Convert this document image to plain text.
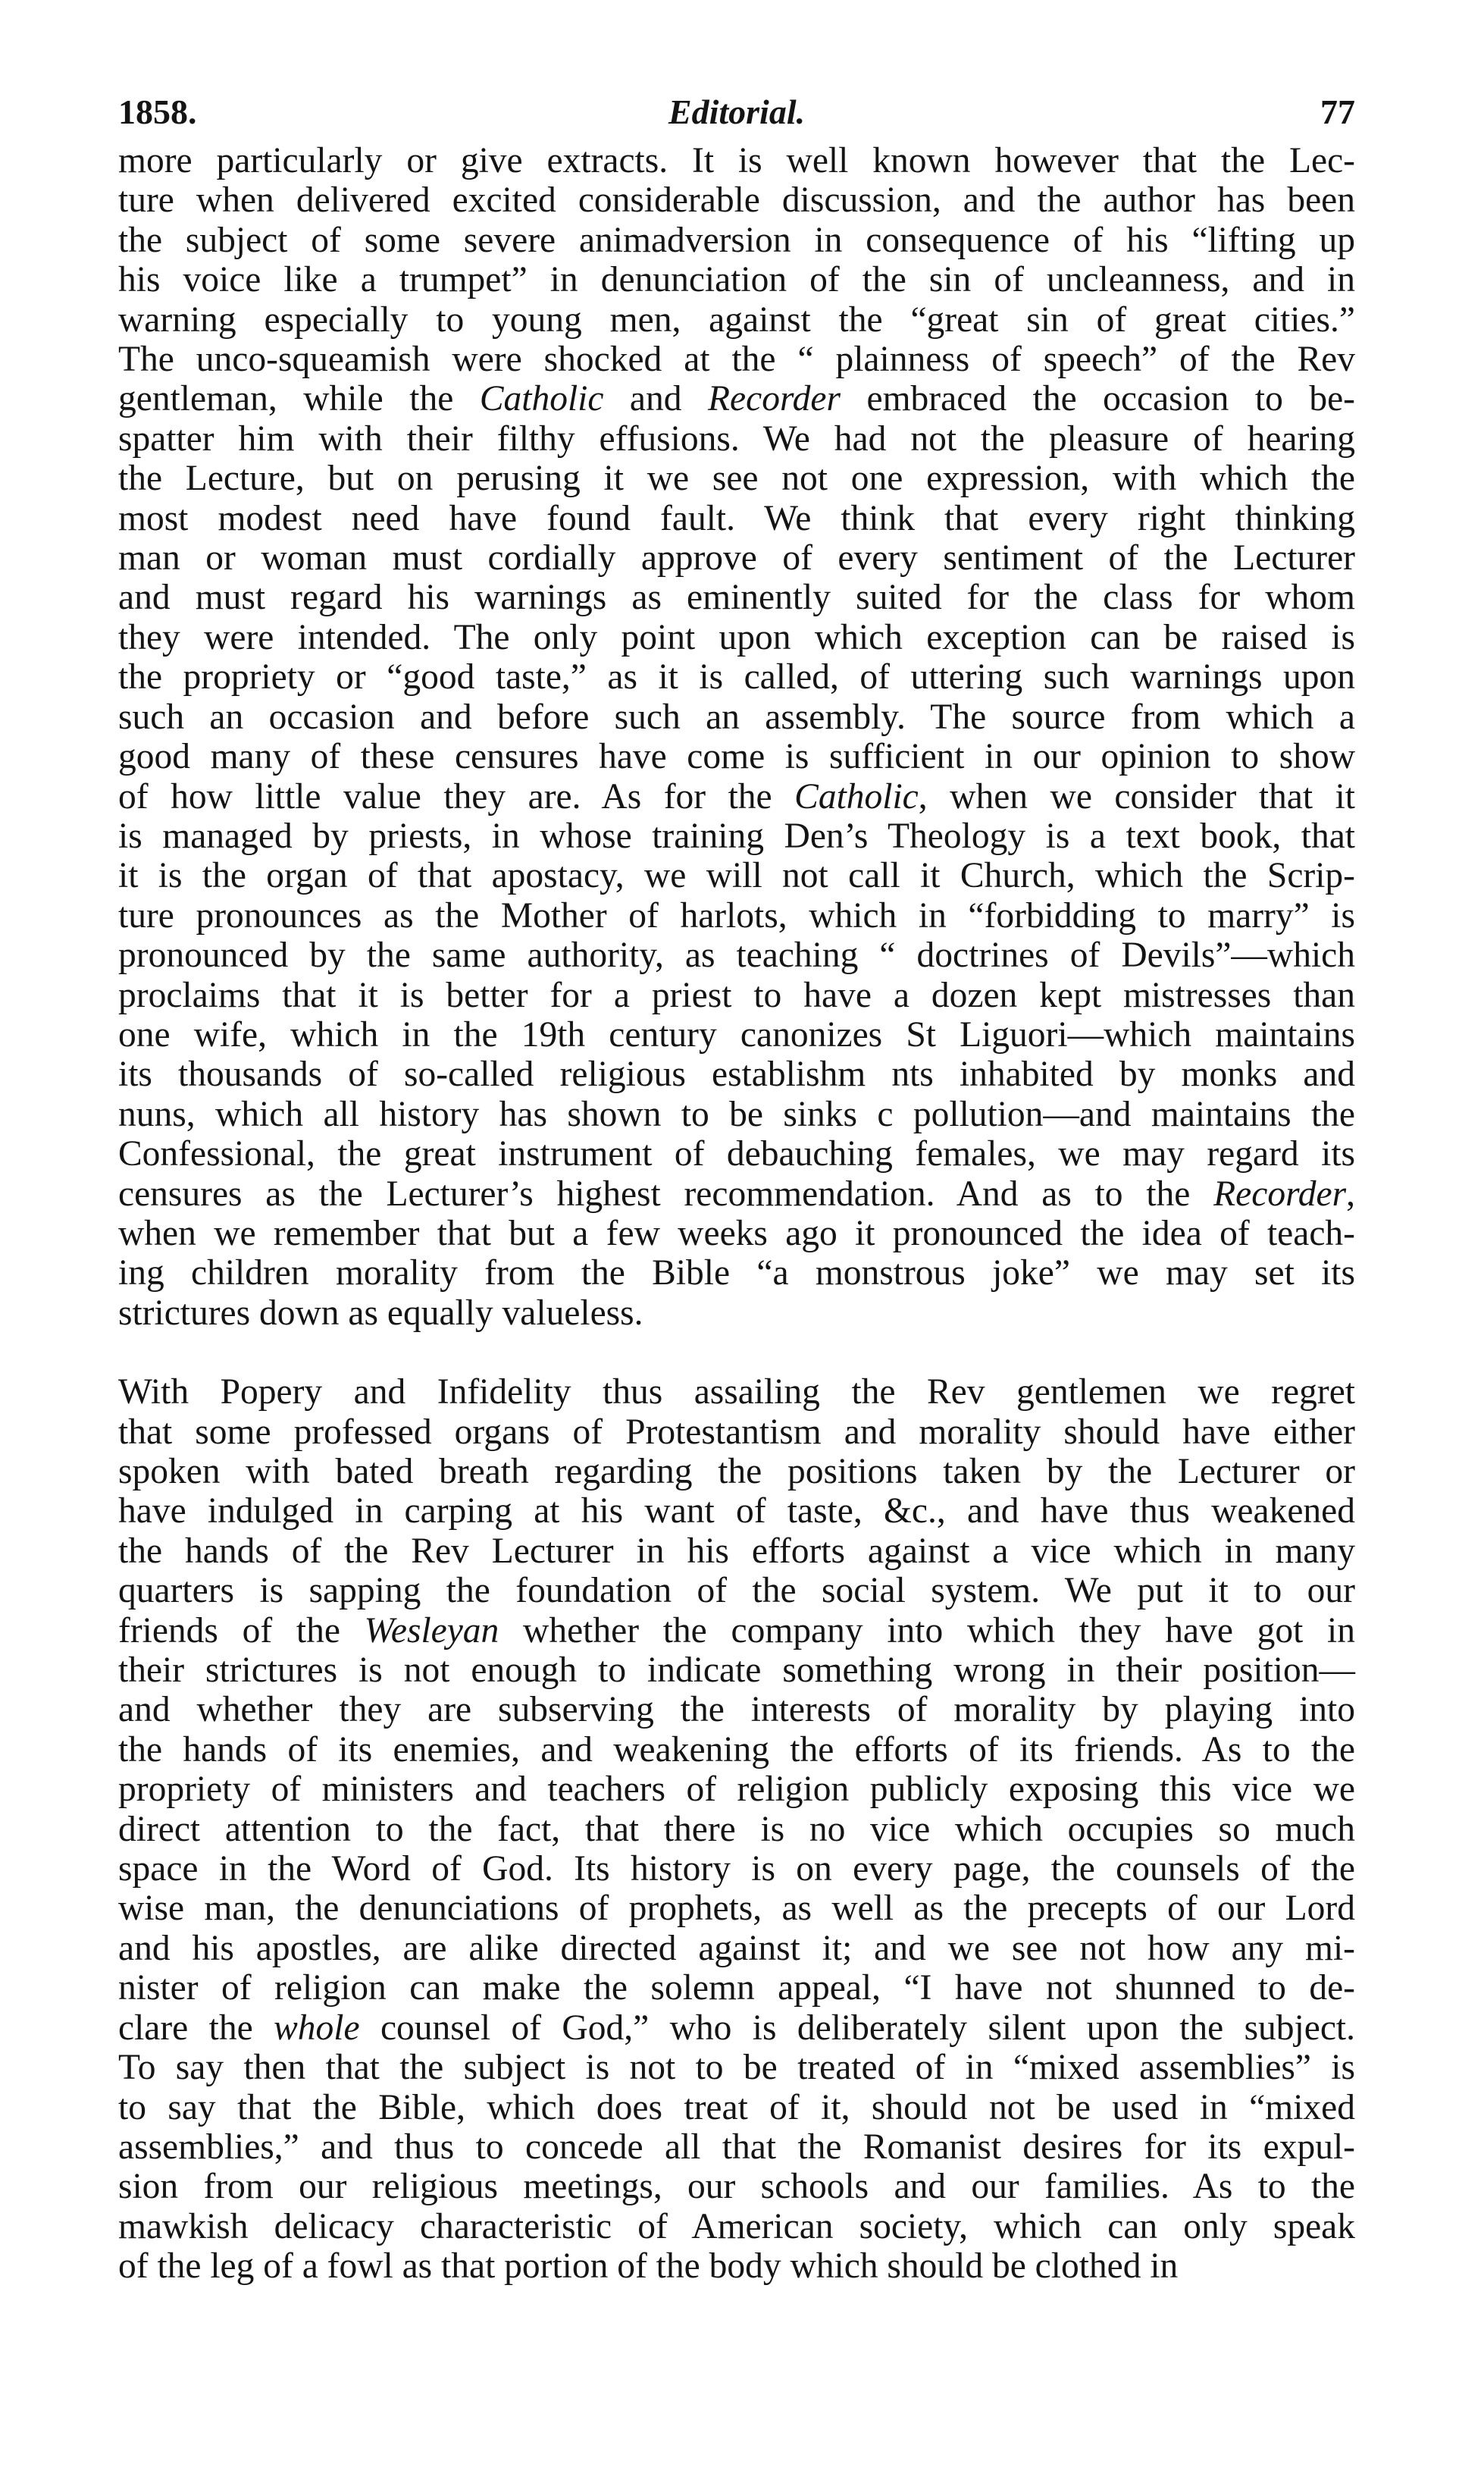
1858.	Editorial.	77
more particularly or give extracts. It is well known however that the Lec-
ture when delivered excited considerable discussion, and the author has been
the subject of some severe animadversion in consequence of his “lifting up
his voice like a trumpet” in denunciation of the sin of uncleanness, and in
warning especially to young men, against the “great sin of great cities.”
The unco-squeamish were shocked at the “ plainness of speech” of the Rev
gentleman, while the Catholic and Recorder embraced the occasion to be-
spatter him with their filthy effusions. We had not the pleasure of hearing
the Lecture, but on perusing it we see not one expression, with which the
most modest need have found fault. We think that every right thinking
man or woman must cordially approve of every sentiment of the Lecturer
and must regard his warnings as eminently suited for the class for whom
they were intended. The only point upon which exception can be raised is
the propriety or “good taste,” as it is called, of uttering such warnings upon
such an occasion and before such an assembly. The source from which a
good many of these censures have come is sufficient in our opinion to show
of how little value they are. As for the Catholic, when we consider that it
is managed by priests, in whose training Den’s Theology is a text book, that
it is the organ of that apostacy, we will not call it Church, which the Scrip-
ture pronounces as the Mother of harlots, which in “forbidding to marry” is
pronounced by the same authority, as teaching “ doctrines of Devils”—which
proclaims that it is better for a priest to have a dozen kept mistresses than
one wife, which in the 19th century canonizes St Liguori—which maintains
its thousands of so-called religious establishm nts inhabited by monks and
nuns, which all history has shown to be sinks c pollution—and maintains the
Confessional, the great instrument of debauching females, we may regard its
censures as the Lecturer’s highest recommendation. And as to the Recorder,
when we remember that but a few weeks ago it pronounced the idea of teach-
ing children morality from the Bible “a monstrous joke” we may set its
strictures down as equally valueless.
With Popery and Infidelity thus assailing the Rev gentlemen we regret
that some professed organs of Protestantism and morality should have either
spoken with bated breath regarding the positions taken by the Lecturer or
have indulged in carping at his want of taste, &c., and have thus weakened
the hands of the Rev Lecturer in his efforts against a vice which in many
quarters is sapping the foundation of the social system. We put it to our
friends of the Wesleyan whether the company into which they have got in
their strictures is not enough to indicate something wrong in their position—
and whether they are subserving the interests of morality by playing into
the hands of its enemies, and weakening the efforts of its friends. As to the
propriety of ministers and teachers of religion publicly exposing this vice we
direct attention to the fact, that there is no vice which occupies so much
space in the Word of God. Its history is on every page, the counsels of the
wise man, the denunciations of prophets, as well as the precepts of our Lord
and his apostles, are alike directed against it; and we see not how any mi-
nister of religion can make the solemn appeal, “I have not shunned to de-
clare the whole counsel of God,” who is deliberately silent upon the subject.
To say then that the subject is not to be treated of in “mixed assemblies” is
to say that the Bible, which does treat of it, should not be used in “mixed
assemblies,” and thus to concede all that the Romanist desires for its expul-
sion from our religious meetings, our schools and our families. As to the
mawkish delicacy characteristic of American society, which can only speak
of the leg of a fowl as that portion of the body which should be clothed in
